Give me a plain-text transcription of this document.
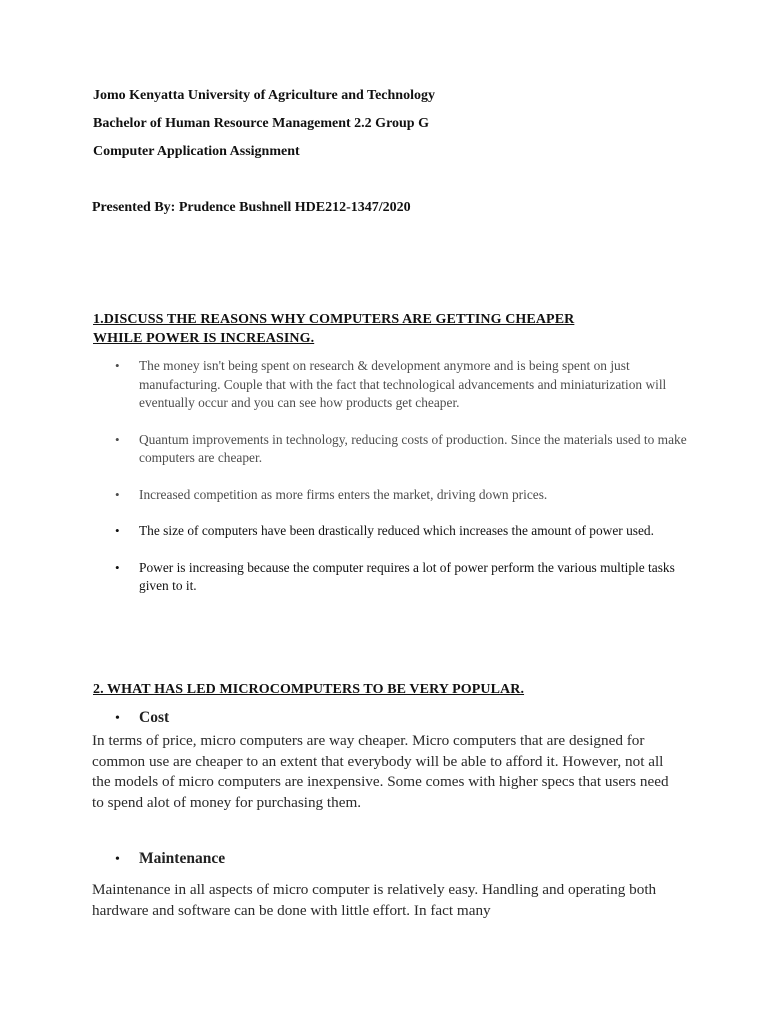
Jomo Kenyatta University of Agriculture and Technology
Bachelor of Human Resource Management 2.2 Group G
Computer Application Assignment
Presented By: Prudence Bushnell HDE212-1347/2020
1.DISCUSS THE REASONS WHY COMPUTERS ARE GETTING CHEAPER
WHILE POWER IS INCREASING.
• The money isn't being spent on research & development anymore and is being spent on just manufacturing. Couple that with the fact that technological advancements and miniaturization will eventually occur and you can see how products get cheaper.
• Quantum improvements in technology, reducing costs of production. Since the materials used to make computers are cheaper.
• Increased competition as more firms enters the market, driving down prices.
• The size of computers have been drastically reduced which increases the amount of power used.
• Power is increasing because the computer requires a lot of power perform the various multiple tasks given to it.
2. WHAT HAS LED MICROCOMPUTERS TO BE VERY POPULAR.
• Cost

In terms of price, micro computers are way cheaper. Micro computers that are designed for common use are cheaper to an extent that everybody will be able to afford it. However, not all the models of micro computers are inexpensive. Some comes with higher specs that users need to spend alot of money for purchasing them.

• Maintenance

Maintenance in all aspects of micro computer is relatively easy. Handling and operating both hardware and software can be done with little effort. In fact many
